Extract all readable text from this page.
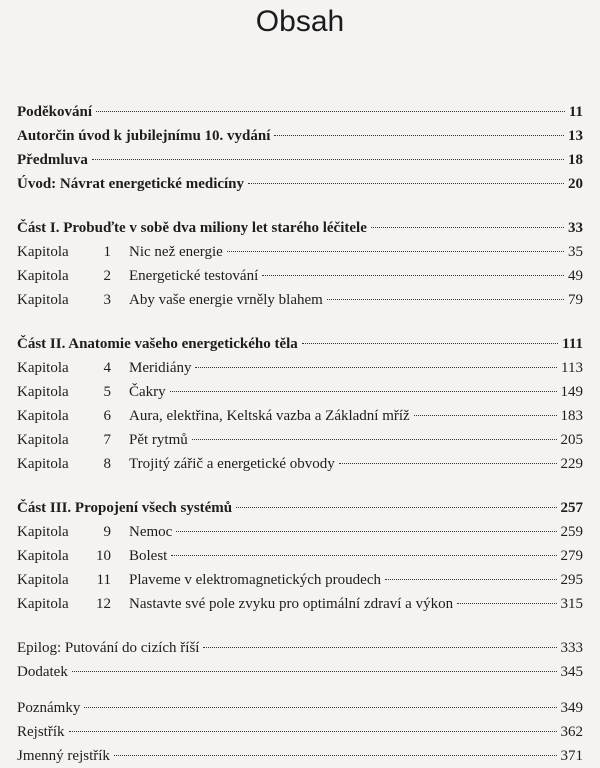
Obsah
Poděkování	11
Autorčin úvod k jubilejnímu 10. vydání	13
Předmluva	18
Úvod: Návrat energetické medicíny	20
Část I. Probuďte v sobě dva miliony let starého léčitele	33
Kapitola 1 Nic než energie	35
Kapitola 2 Energetické testování	49
Kapitola 3 Aby vaše energie vrněly blahem	79
Část II. Anatomie vašeho energetického těla	111
Kapitola 4 Meridiány	113
Kapitola 5 Čakry	149
Kapitola 6 Aura, elektřina, Keltská vazba a Základní mříž	183
Kapitola 7 Pět rytmů	205
Kapitola 8 Trojitý zářič a energetické obvody	229
Část III. Propojení všech systémů	257
Kapitola 9 Nemoc	259
Kapitola 10 Bolest	279
Kapitola 11 Plaveme v elektromagnetických proudech	295
Kapitola 12 Nastavte své pole zvyku pro optimální zdraví a výkon	315
Epilog: Putování do cizích říší	333
Dodatek	345
Poznámky	349
Rejstřík	362
Jmenný rejstřík	371
